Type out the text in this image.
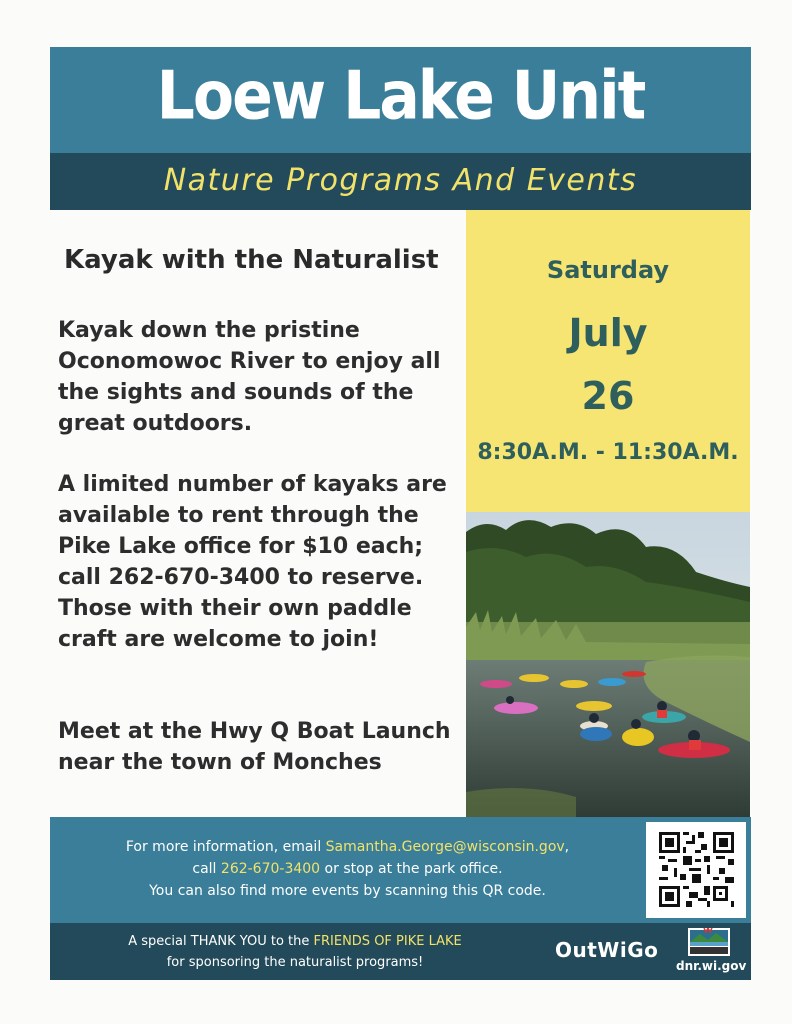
Loew Lake Unit
Nature Programs And Events
Kayak with the Naturalist
Kayak down the pristine Oconomowoc River to enjoy all the sights and sounds of the great outdoors.
A limited number of kayaks are available to rent through the Pike Lake office for $10 each; call 262-670-3400 to reserve. Those with their own paddle craft are welcome to join!
Meet at the Hwy Q Boat Launch near the town of Monches
Saturday
July
26
8:30A.M. - 11:30A.M.
For more information, email Samantha.George@wisconsin.gov,
call 262-670-3400 or stop at the park office.
You can also find more events by scanning this QR code.
A special THANK YOU to the FRIENDS OF PIKE LAKE
for sponsoring the naturalist programs!
OutWiGo
dnr.wi.gov
